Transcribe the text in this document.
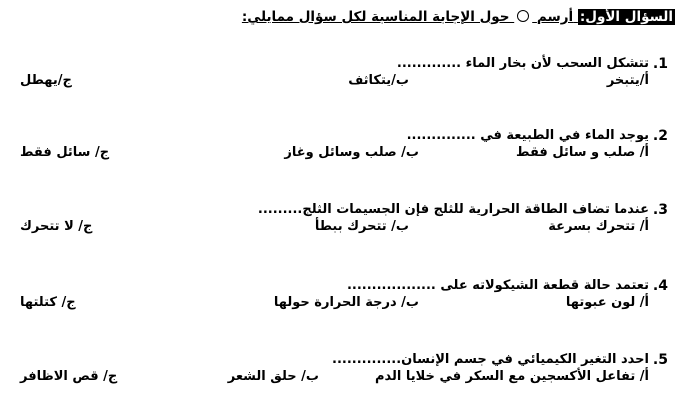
السؤال الأول: أرسم  حول الإجابة المناسبة لكل سؤال ممايلي:
1.
تتشكل السحب لأن بخار الماء .............
أ/يتبخر
ب/يتكاثف
ج/يهطل
2.
يوجد الماء في الطبيعة في ..............
أ/ صلب و سائل فقط
ب/ صلب وسائل وغاز
ج/ سائل فقط
3.
عندما تضاف الطاقة الحرارية للثلج فإن الجسيمات الثلج.........
أ/ تتحرك بسرعة
ب/ تتحرك ببطأ
ج/ لا تتحرك
4.
تعتمد حالة قطعة الشيكولاته على ..................
أ/ لون عبوتها
ب/ درجة الحرارة حولها
ج/ كتلتها
5.
احدد التغير الكيميائي في جسم الإنسان..............
أ/ تفاعل الأكسجين مع السكر في خلايا الدم
ب/ حلق الشعر
ج/ قص الاظافر
